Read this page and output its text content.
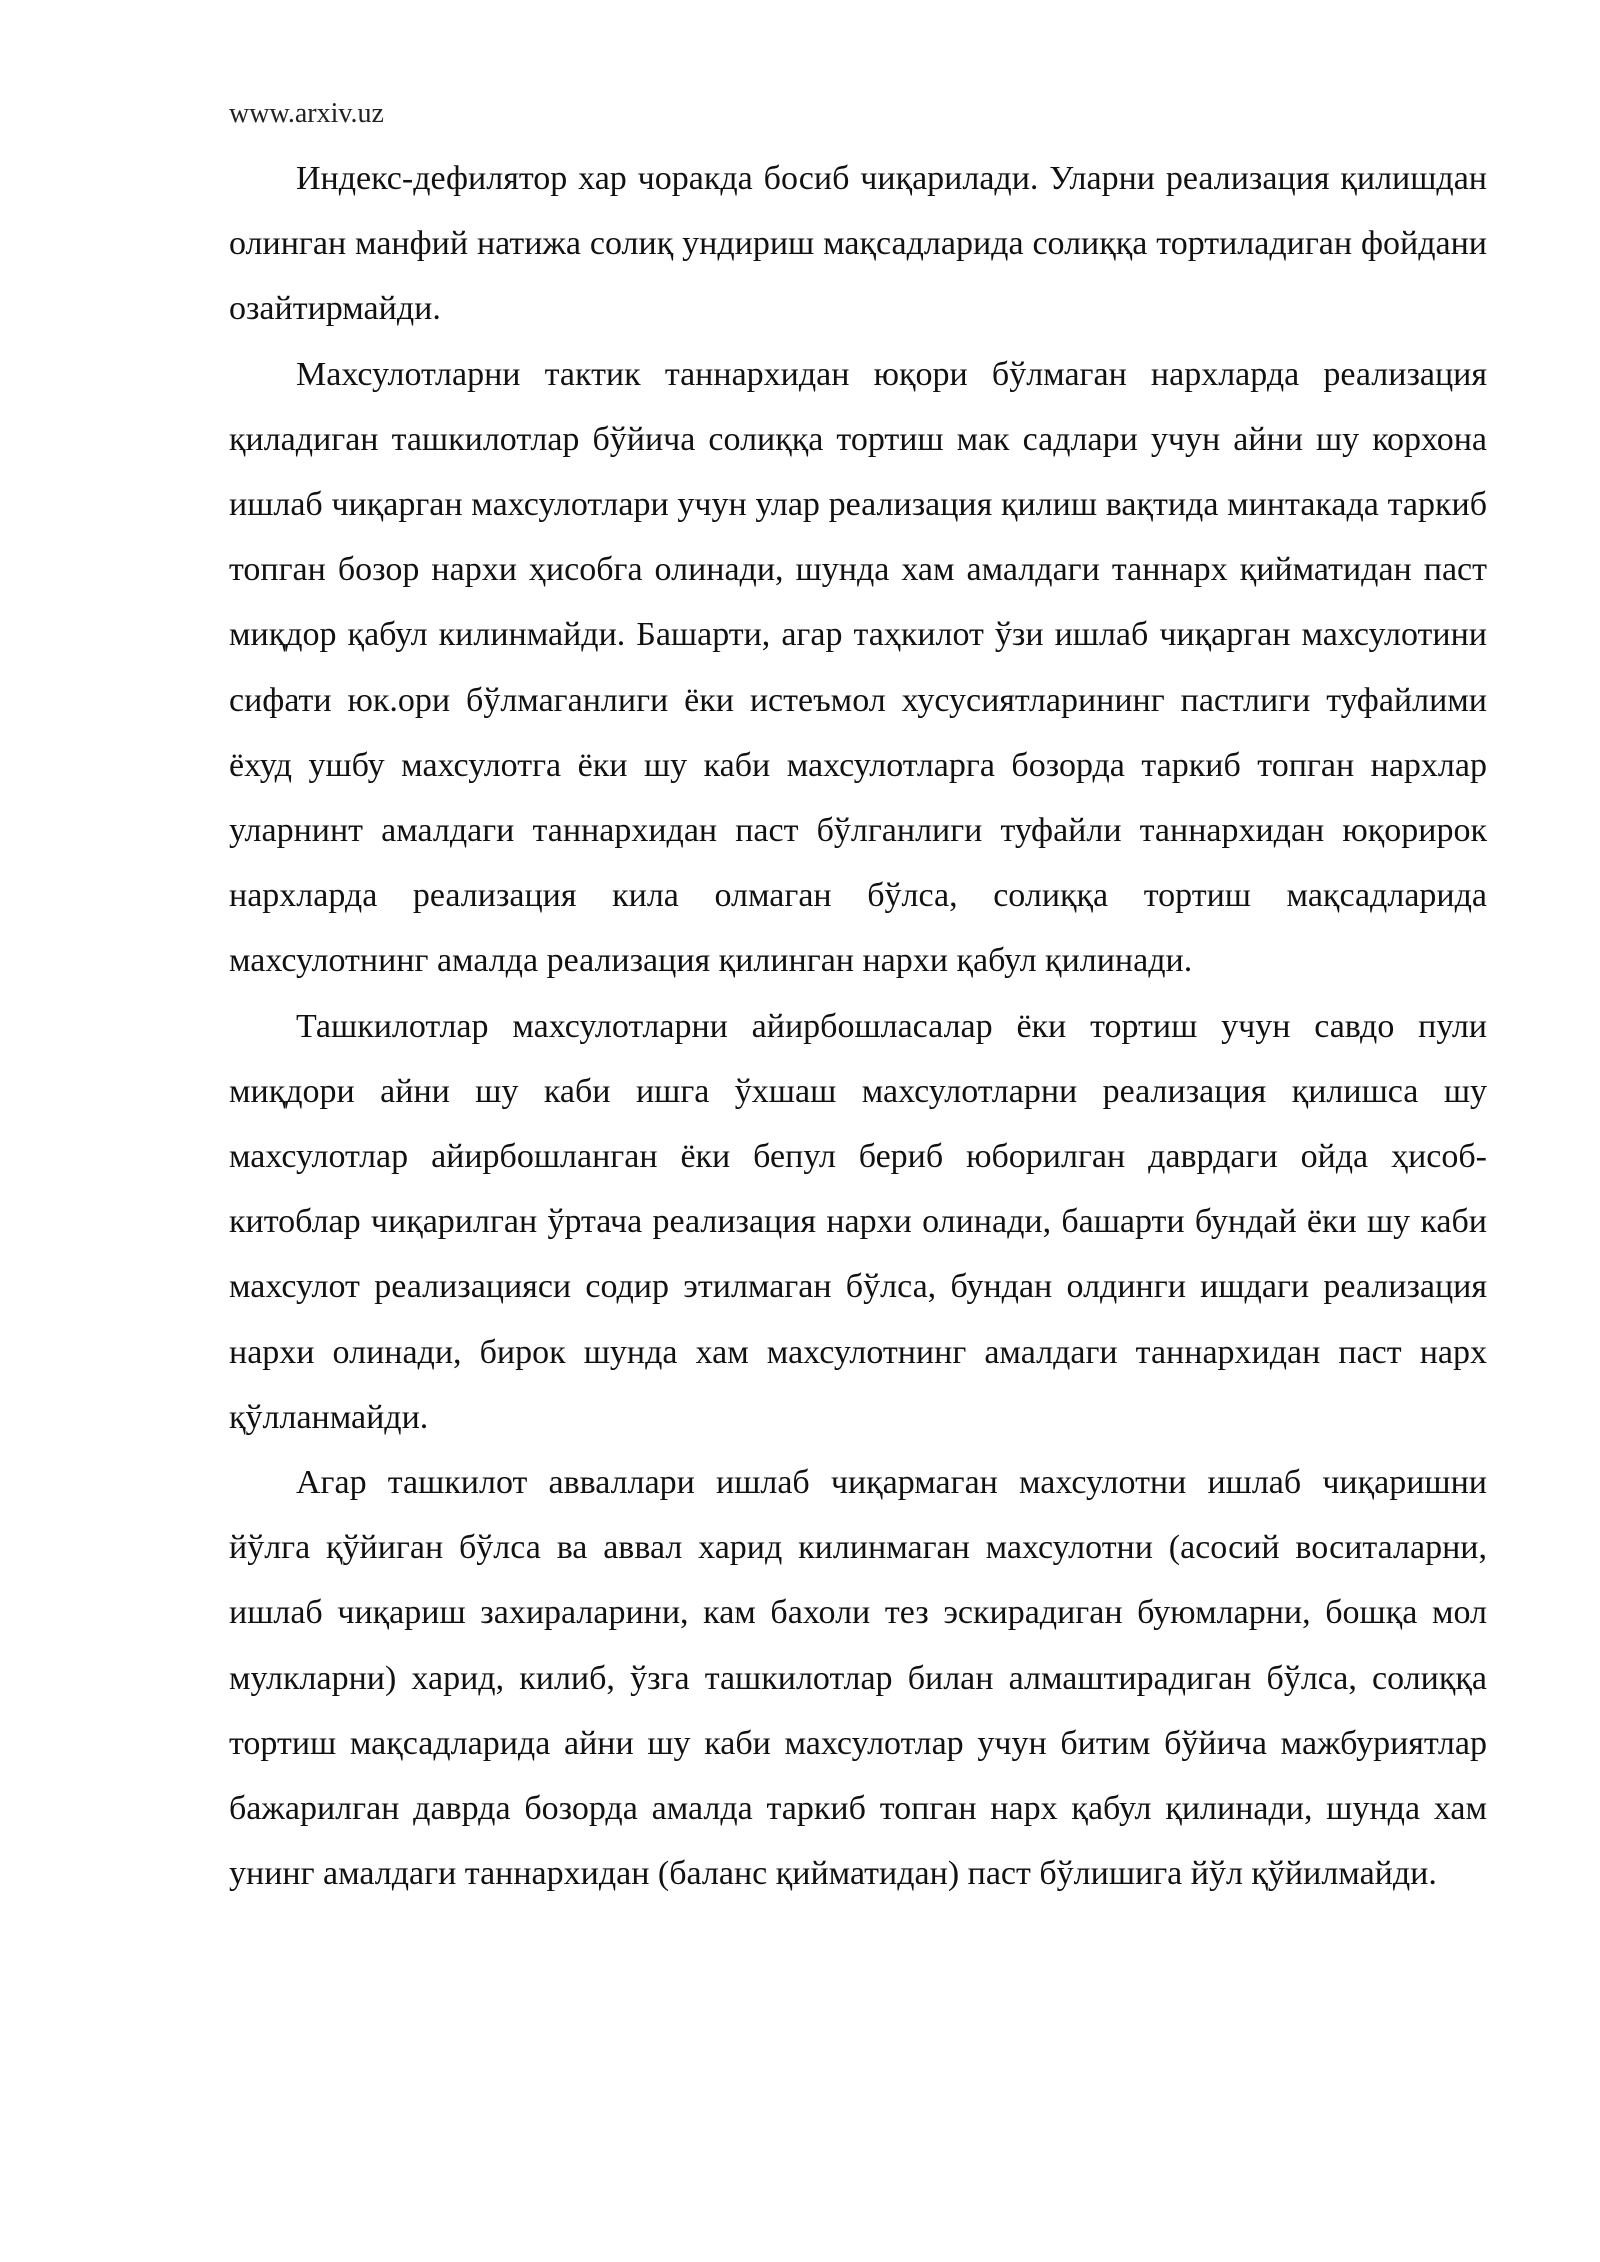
www.arxiv.uz

Индекс-дефилятор хар чоракда босиб чиқарилади. Уларни реализация қилишдан олинган манфий натижа солиқ ундириш мақсадларида солиққа тортиладиган фойдани озайтирмайди.

Махсулотларни тактик таннархидан юқори бўлмаган нархларда реализация қиладиган ташкилотлар бўйича солиққа тортиш мак садлари учун айни шу корхона ишлаб чиқарган махсулотлари учун улар реализация қилиш вақтида минтакада таркиб топган бозор нархи ҳисобга олинади, шунда хам амалдаги таннарх қийматидан паст миқдор қабул килинмайди. Башарти, агар таҳкилот ўзи ишлаб чиқарган махсулотини сифати юк.ори бўлмаганлиги ёки истеъмол хусусиятларининг пастлиги туфайлими ёхуд ушбу махсулотга ёки шу каби махсулотларга бозорда таркиб топган нархлар уларнинт амалдаги таннархидан паст бўлганлиги туфайли таннархидан юқорирок нархларда реализация кила олмаган бўлса, солиққа тортиш мақсадларида махсулотнинг амалда реализация қилинган нархи қабул қилинади.

Ташкилотлар махсулотларни айирбошласалар ёки тортиш учун савдо пули миқдори айни шу каби ишга ўхшаш махсулотларни реализация қилишса шу махсулотлар айирбошланган ёки бепул бериб юборилган даврдаги ойда ҳисоб-китоблар чиқарилган ўртача реализация нархи олинади, башарти бундай ёки шу каби махсулот реализацияси содир этилмаган бўлса, бундан олдинги ишдаги реализация нархи олинади, бирок шунда хам махсулотнинг амалдаги таннархидан паст нарх қўлланмайди.

Агар ташкилот авваллари ишлаб чиқармаган махсулотни ишлаб чиқаришни йўлга қўйиган бўлса ва аввал харид килинмаган махсулотни (асосий воситаларни, ишлаб чиқариш захираларини, кам бахоли тез эскирадиган буюмларни, бошқа мол мулкларни) харид, килиб, ўзга ташкилотлар билан алмаштирадиган бўлса, солиққа тортиш мақсадларида айни шу каби махсулотлар учун битим бўйича мажбуриятлар бажарилган даврда бозорда амалда таркиб топган нарх қабул қилинади, шунда хам унинг амалдаги таннархидан (баланс қийматидан) паст бўлишига йўл қўйилмайди.
